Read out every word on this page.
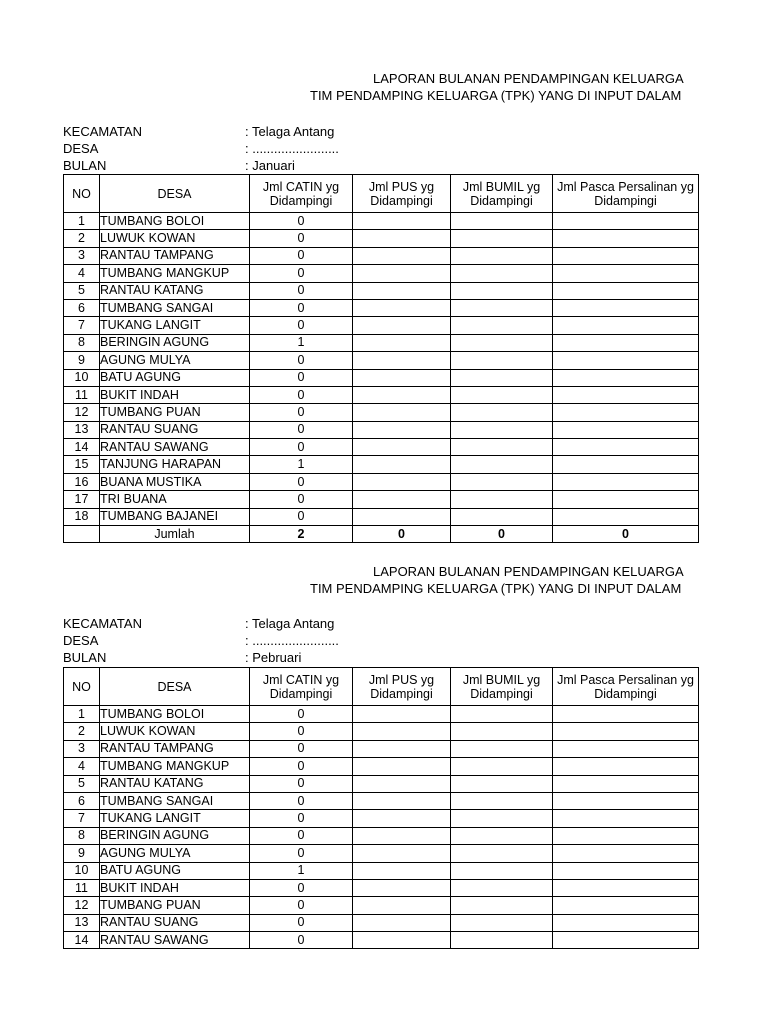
LAPORAN BULANAN PENDAMPINGAN KELUARGA
TIM PENDAMPING KELUARGA (TPK) YANG DI INPUT DALAM
KECAMATAN	: Telaga Antang
DESA	: ........................
BULAN	: Januari
NO	DESA	Jml CATIN yg Didampingi	Jml PUS yg Didampingi	Jml BUMIL yg Didampingi	Jml Pasca Persalinan yg Didampingi
1	TUMBANG BOLOI	0			
2	LUWUK KOWAN	0			
3	RANTAU TAMPANG	0			
4	TUMBANG MANGKUP	0			
5	RANTAU KATANG	0			
6	TUMBANG SANGAI	0			
7	TUKANG LANGIT	0			
8	BERINGIN AGUNG	1			
9	AGUNG MULYA	0			
10	BATU AGUNG	0			
11	BUKIT INDAH	0			
12	TUMBANG PUAN	0			
13	RANTAU SUANG	0			
14	RANTAU SAWANG	0			
15	TANJUNG HARAPAN	1			
16	BUANA MUSTIKA	0			
17	TRI BUANA	0			
18	TUMBANG BAJANEI	0			
	Jumlah	2	0	0	0
LAPORAN BULANAN PENDAMPINGAN KELUARGA
TIM PENDAMPING KELUARGA (TPK) YANG DI INPUT DALAM
KECAMATAN	: Telaga Antang
DESA	: ........................
BULAN	: Pebruari
NO	DESA	Jml CATIN yg Didampingi	Jml PUS yg Didampingi	Jml BUMIL yg Didampingi	Jml Pasca Persalinan yg Didampingi
1	TUMBANG BOLOI	0			
2	LUWUK KOWAN	0			
3	RANTAU TAMPANG	0			
4	TUMBANG MANGKUP	0			
5	RANTAU KATANG	0			
6	TUMBANG SANGAI	0			
7	TUKANG LANGIT	0			
8	BERINGIN AGUNG	0			
9	AGUNG MULYA	0			
10	BATU AGUNG	1			
11	BUKIT INDAH	0			
12	TUMBANG PUAN	0			
13	RANTAU SUANG	0			
14	RANTAU SAWANG	0			
